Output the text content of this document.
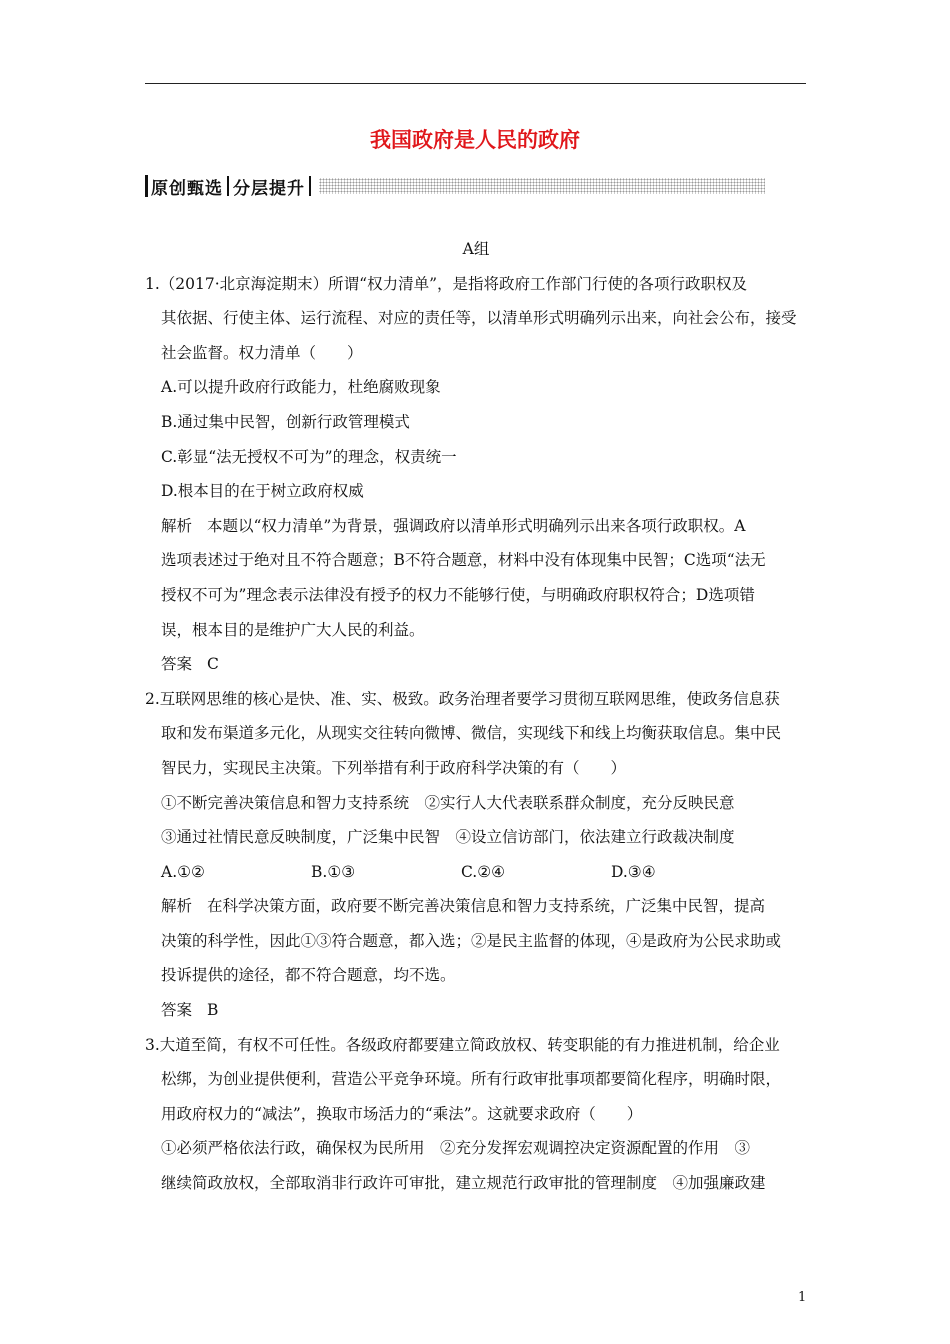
我国政府是人民的政府
原创甄选 分层提升

A组

1.（2017·北京海淀期末）所谓“权力清单”，是指将政府工作部门行使的各项行政职权及

其依据、行使主体、运行流程、对应的责任等，以清单形式明确列示出来，向社会公布，接受

社会监督。权力清单（　　）

A.可以提升政府行政能力，杜绝腐败现象

B.通过集中民智，创新行政管理模式

C.彰显“法无授权不可为”的理念，权责统一

D.根本目的在于树立政府权威

解析 本题以“权力清单”为背景，强调政府以清单形式明确列示出来各项行政职权。A

选项表述过于绝对且不符合题意；B不符合题意，材料中没有体现集中民智；C选项“法无

授权不可为”理念表示法律没有授予的权力不能够行使，与明确政府职权符合；D选项错

误，根本目的是维护广大人民的利益。

答案 C

2.互联网思维的核心是快、准、实、极致。政务治理者要学习贯彻互联网思维，使政务信息获

取和发布渠道多元化，从现实交往转向微博、微信，实现线下和线上均衡获取信息。集中民

智民力，实现民主决策。下列举措有利于政府科学决策的有（　　）

①不断完善决策信息和智力支持系统　②实行人大代表联系群众制度，充分反映民意

③通过社情民意反映制度，广泛集中民智　④设立信访部门，依法建立行政裁决制度

A.①②	B.①③	C.②④	D.③④

解析 在科学决策方面，政府要不断完善决策信息和智力支持系统，广泛集中民智，提高

决策的科学性，因此①③符合题意，都入选；②是民主监督的体现，④是政府为公民求助或

投诉提供的途径，都不符合题意，均不选。

答案 B

3.大道至简，有权不可任性。各级政府都要建立简政放权、转变职能的有力推进机制，给企业

松绑，为创业提供便利，营造公平竞争环境。所有行政审批事项都要简化程序，明确时限，

用政府权力的“减法”，换取市场活力的“乘法”。这就要求政府（　　）

①必须严格依法行政，确保权为民所用　②充分发挥宏观调控决定资源配置的作用　③

继续简政放权，全部取消非行政许可审批，建立规范行政审批的管理制度　④加强廉政建

1
